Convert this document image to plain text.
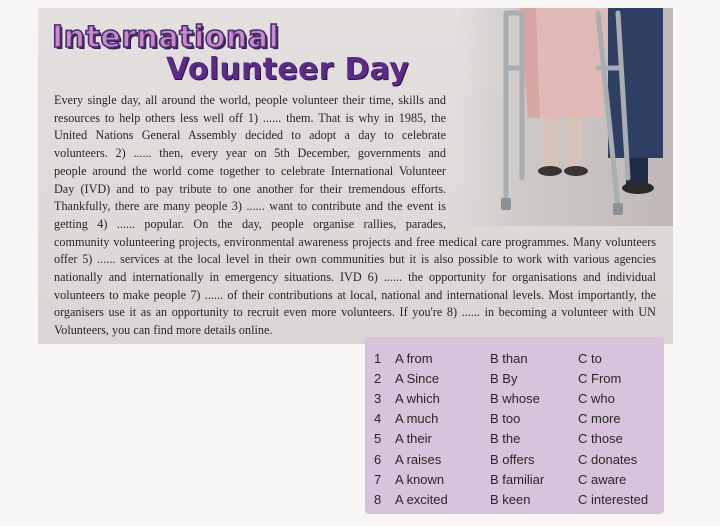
International
Volunteer Day
Every single day, all around the world, people volunteer their time, skills and
resources to help others less well off 1) ...... them. That is why in 1985, the
United Nations General Assembly decided to adopt a day to celebrate
volunteers. 2) ...... then, every year on 5th December, governments and
people around the world come together to celebrate International Volunteer
Day (IVD) and to pay tribute to one another for their tremendous efforts.
Thankfully, there are many people 3) ...... want to contribute and the event is
getting 4) ...... popular. On the day, people organise rallies, parades,
community volunteering projects, environmental awareness projects and free medical care programmes. Many volunteers
offer 5) ...... services at the local level in their own communities but it is also possible to work with various agencies
nationally and internationally in emergency situations. IVD 6) ...... the opportunity for organisations and individual
volunteers to make people 7) ...... of their contributions at local, national and international levels. Most importantly, the
organisers use it as an opportunity to recruit even more volunteers. If you're 8) ...... in becoming a volunteer with UN
Volunteers, you can find more details online.
1 A from	B than	C to
2 A Since	B By	C From
3 A which	B whose	C who
4 A much	B too	C more
5 A their	B the	C those
6 A raises	B offers	C donates
7 A known	B familiar	C aware
8 A excited	B keen	C interested
